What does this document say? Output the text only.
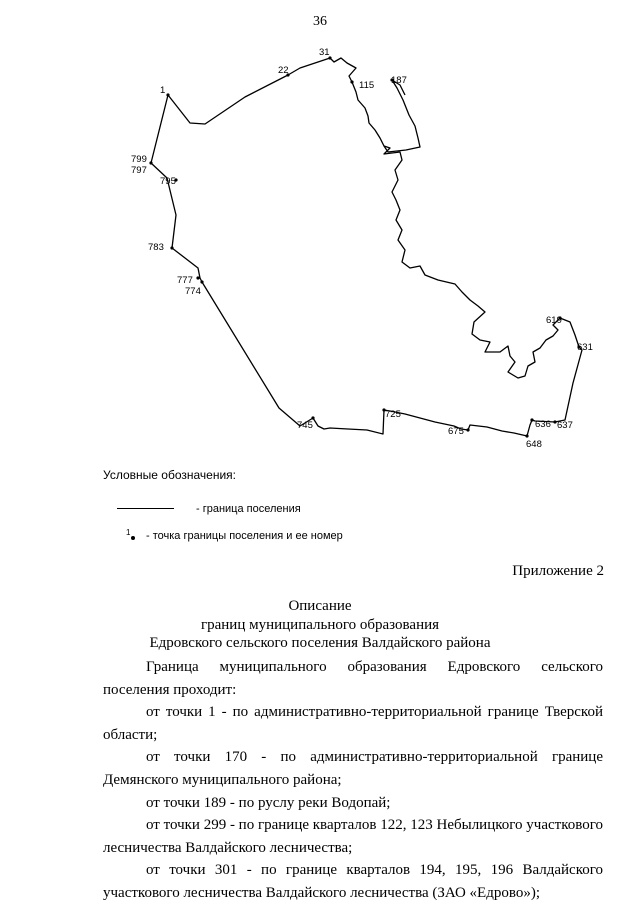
36
1
22
31
115 187
799
797
795
783
777
774
745
725
675
648
636 637
631
619
Условные обозначения:
- граница поселения
1 - точка границы поселения и ее номер
Приложение 2
Описание
границ муниципального образования
Едровского сельского поселения Валдайского района

Граница муниципального образования Едровского сельского поселения проходит:

от точки 1 - по административно-территориальной границе Тверской области;

от точки 170 - по административно-территориальной границе Демянского муниципального района;

от точки 189 - по руслу реки Водопай;

от точки 299 - по границе кварталов 122, 123 Небылицкого участкового лесничества Валдайского лесничества;

от точки 301 - по границе кварталов 194, 195, 196 Валдайского участкового лесничества Валдайского лесничества (ЗАО «Едрово»);
